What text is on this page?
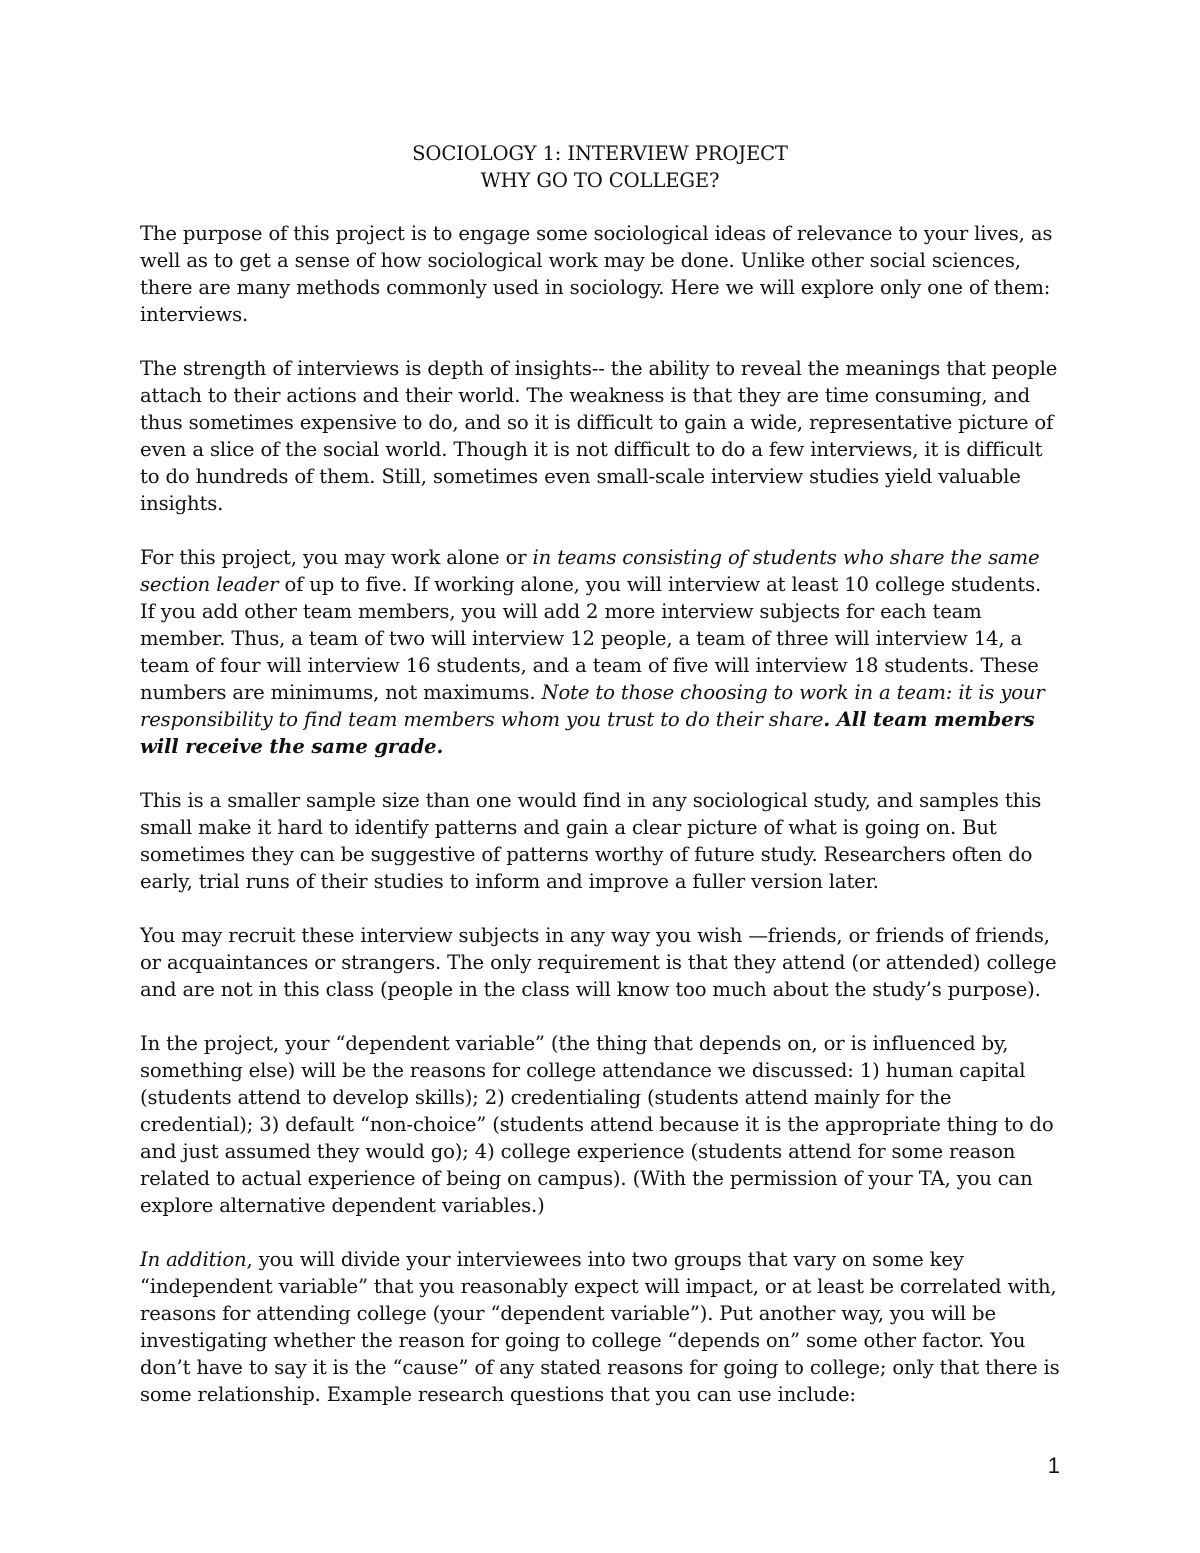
SOCIOLOGY 1: INTERVIEW PROJECT
WHY GO TO COLLEGE?

The purpose of this project is to engage some sociological ideas of relevance to your lives, as well as to get a sense of how sociological work may be done. Unlike other social sciences, there are many methods commonly used in sociology. Here we will explore only one of them: interviews.

The strength of interviews is depth of insights-- the ability to reveal the meanings that people attach to their actions and their world. The weakness is that they are time consuming, and thus sometimes expensive to do, and so it is difficult to gain a wide, representative picture of even a slice of the social world. Though it is not difficult to do a few interviews, it is difficult to do hundreds of them. Still, sometimes even small-scale interview studies yield valuable insights.

For this project, you may work alone or in teams consisting of students who share the same section leader of up to five. If working alone, you will interview at least 10 college students. If you add other team members, you will add 2 more interview subjects for each team member. Thus, a team of two will interview 12 people, a team of three will interview 14, a team of four will interview 16 students, and a team of five will interview 18 students. These numbers are minimums, not maximums. Note to those choosing to work in a team: it is your responsibility to find team members whom you trust to do their share. All team members will receive the same grade.

This is a smaller sample size than one would find in any sociological study, and samples this small make it hard to identify patterns and gain a clear picture of what is going on. But sometimes they can be suggestive of patterns worthy of future study. Researchers often do early, trial runs of their studies to inform and improve a fuller version later.

You may recruit these interview subjects in any way you wish —friends, or friends of friends, or acquaintances or strangers. The only requirement is that they attend (or attended) college and are not in this class (people in the class will know too much about the study’s purpose).

In the project, your “dependent variable” (the thing that depends on, or is influenced by, something else) will be the reasons for college attendance we discussed: 1) human capital (students attend to develop skills); 2) credentialing (students attend mainly for the credential); 3) default “non-choice” (students attend because it is the appropriate thing to do and just assumed they would go); 4) college experience (students attend for some reason related to actual experience of being on campus). (With the permission of your TA, you can explore alternative dependent variables.)

In addition, you will divide your interviewees into two groups that vary on some key “independent variable” that you reasonably expect will impact, or at least be correlated with, reasons for attending college (your “dependent variable”). Put another way, you will be investigating whether the reason for going to college “depends on” some other factor. You don’t have to say it is the “cause” of any stated reasons for going to college; only that there is some relationship. Example research questions that you can use include:

1
